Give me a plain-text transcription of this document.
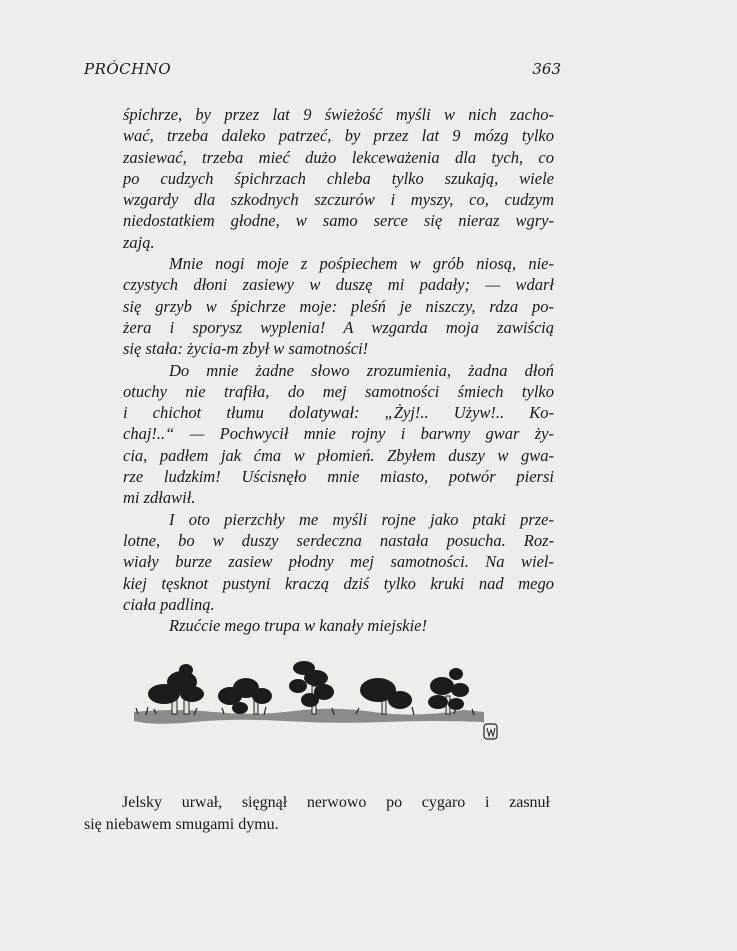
PRÓCHNO	363
śpichrze, by przez lat 9 świeżość myśli w nich zacho-
wać, trzeba daleko patrzeć, by przez lat 9 mózg tylko
zasiewać, trzeba mieć dużo lekceważenia dla tych, co
po cudzych śpichrzach chleba tylko szukają, wiele
wzgardy dla szkodnych szczurów i myszy, co, cudzym
niedostatkiem głodne, w samo serce się nieraz wgry-
zają.
Mnie nogi moje z pośpiechem w grób niosą, nie-
czystych dłoni zasiewy w duszę mi padały; — wdarł
się grzyb w śpichrze moje: pleśń je niszczy, rdza po-
żera i sporysz wyplenia! A wzgarda moja zawiścią
się stała: życia-m zbył w samotności!
Do mnie żadne słowo zrozumienia, żadna dłoń
otuchy nie trafiła, do mej samotności śmiech tylko
i chichot tłumu dolatywał: „Żyj!.. Używ!.. Ko-
chaj!..“ — Pochwycił mnie rojny i barwny gwar ży-
cia, padłem jak ćma w płomień. Zbyłem duszy w gwa-
rze ludzkim! Uścisnęło mnie miasto, potwór piersi
mi zdławił.
I oto pierzchły me myśli rojne jako ptaki prze-
lotne, bo w duszy serdeczna nastała posucha. Roz-
wiały burze zasiew płodny mej samotności. Na wiel-
kiej tęsknot pustyni kraczą dziś tylko kruki nad mego
ciała padliną.
Rzućcie mego trupa w kanały miejskie!
Jelsky urwał, sięgnął nerwowo po cygaro i zasnuł
się niebawem smugami dymu.
